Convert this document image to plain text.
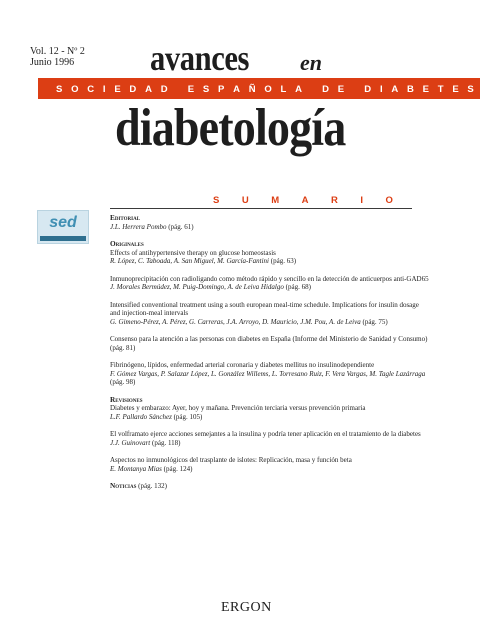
Vol. 12 - Nº 2
Junio 1996 avances en
S O C I E D A D
E S P A Ñ O L A
D E
D I A B E T E S
diabetología
S U M A R I O
sed	Editorial
J.L. Herrera Pombo (pág. 61)
Originales
Effects of antihypertensive therapy on glucose homeostasis
R. López, C. Taboada, A. San Miguel, M. García-Fantini (pág. 63)
Inmunoprecipitación con radioligando como método rápido y sencillo en la detección de anticuerpos anti-GAD65
J. Morales Bermúdez, M. Puig-Domingo, A. de Leiva Hidalgo (pág. 68)
Intensified conventional treatment using a south european meal-time schedule. Implications for insulin dosage and injection-meal intervals
G. Gimeno-Pérez, A. Pérez, G. Carreras, J.A. Arroyo, D. Mauricio, J.M. Pou, A. de Leiva (pág. 75)
Consenso para la atención a las personas con diabetes en España (Informe del Ministerio de Sanidad y Consumo)
(pág. 81)
Fibrinógeno, lípidos, enfermedad arterial coronaria y diabetes mellitus no insulinodependiente
F. Gómez Vargas, P. Salazar López, L. González Willems, L. Torresano Ruiz, F. Vera Vargas, M. Tagle Lazárraga (pág. 98)
Revisiones
Diabetes y embarazo: Ayer, hoy y mañana. Prevención terciaria versus prevención primaria
L.F. Pallardo Sánchez (pág. 105)
El volframato ejerce acciones semejantes a la insulina y podría tener aplicación en el tratamiento de la diabetes
J.J. Guinovart (pág. 118)
Aspectos no inmunológicos del trasplante de islotes: Replicación, masa y función beta
E. Montanya Mias (pág. 124)
Noticias (pág. 132)
ERGON
